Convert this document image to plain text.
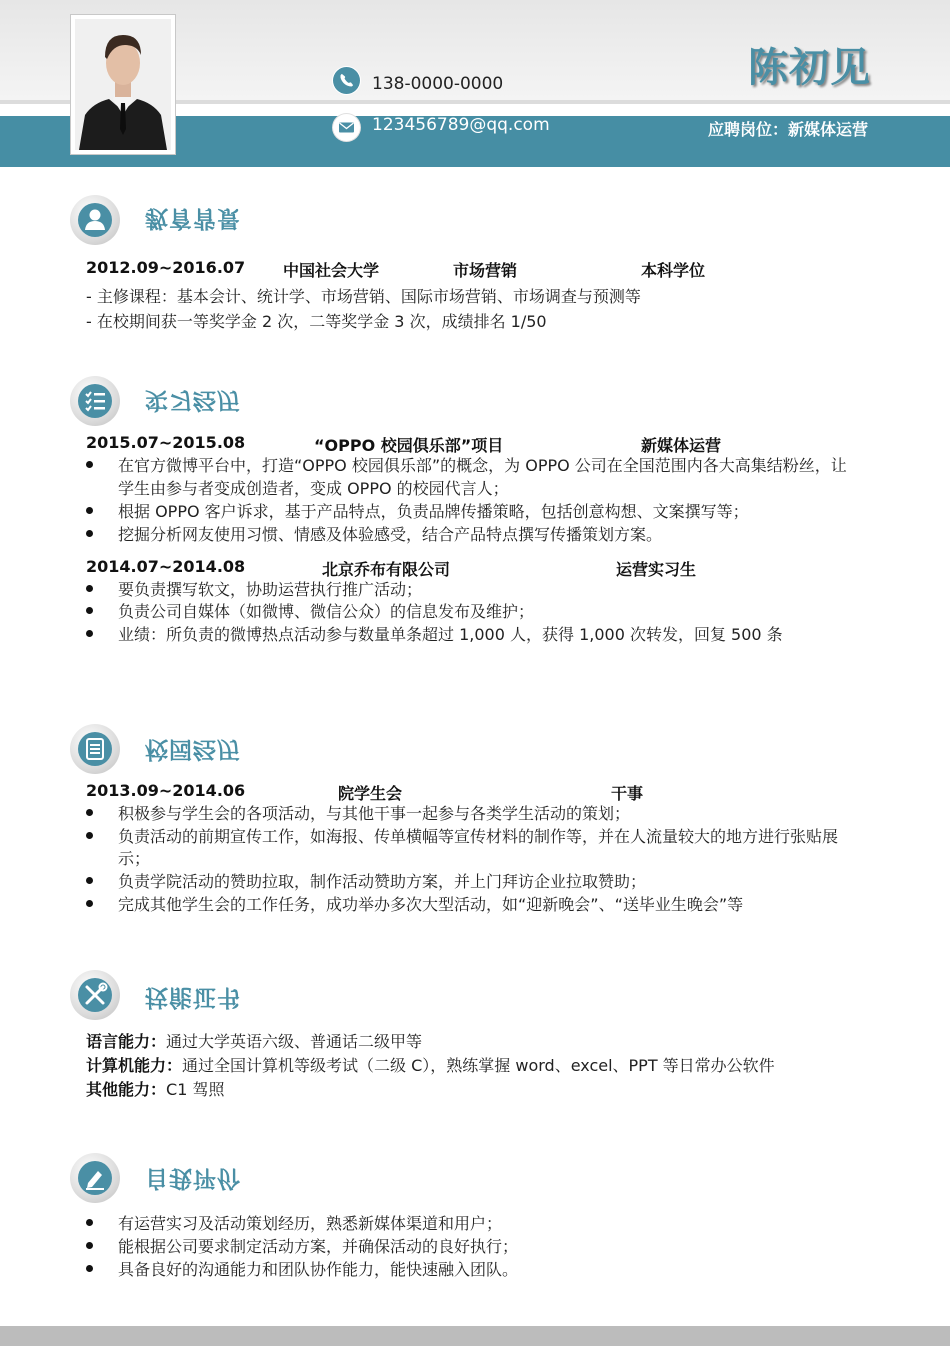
138-0000-0000
123456789@qq.com
陈初见
应聘岗位：新媒体运营
教育背景
2012.09~2016.07 中国社会大学	市场营销	本科学位
- 主修课程：基本会计、统计学、市场营销、国际市场营销、市场调查与预测等
- 在校期间获一等奖学金 2 次，二等奖学金 3 次，成绩排名 1/50
实习经历
2015.07~2015.08	“OPPO 校园俱乐部”项目	新媒体运营
在官方微博平台中，打造“OPPO 校园俱乐部”的概念，为 OPPO 公司在全国范围内各大高集结粉丝，让
学生由参与者变成创造者，变成 OPPO 的校园代言人；
根据 OPPO 客户诉求，基于产品特点，负责品牌传播策略，包括创意构想、文案撰写等；
挖掘分析网友使用习惯、情感及体验感受，结合产品特点撰写传播策划方案。
2014.07~2014.08	北京乔布有限公司	运营实习生
要负责撰写软文，协助运营执行推广活动；
负责公司自媒体（如微博、微信公众）的信息发布及维护；
业绩：所负责的微博热点活动参与数量单条超过 1,000 人，获得 1,000 次转发，回复 500 条
校园经历
2013.09~2014.06	院学生会	干事
积极参与学生会的各项活动，与其他干事一起参与各类学生活动的策划；
负责活动的前期宣传工作，如海报、传单横幅等宣传材料的制作等，并在人流量较大的地方进行张贴展
示；
负责学院活动的赞助拉取，制作活动赞助方案，并上门拜访企业拉取赞助；
完成其他学生会的工作任务，成功举办多次大型活动，如“迎新晚会”、“送毕业生晚会”等
技能证书
语言能力：通过大学英语六级、普通话二级甲等
计算机能力：通过全国计算机等级考试（二级 C），熟练掌握 word、excel、PPT 等日常办公软件
其他能力：C1 驾照
自我评价
有运营实习及活动策划经历，熟悉新媒体渠道和用户；
能根据公司要求制定活动方案，并确保活动的良好执行；
具备良好的沟通能力和团队协作能力，能快速融入团队。
